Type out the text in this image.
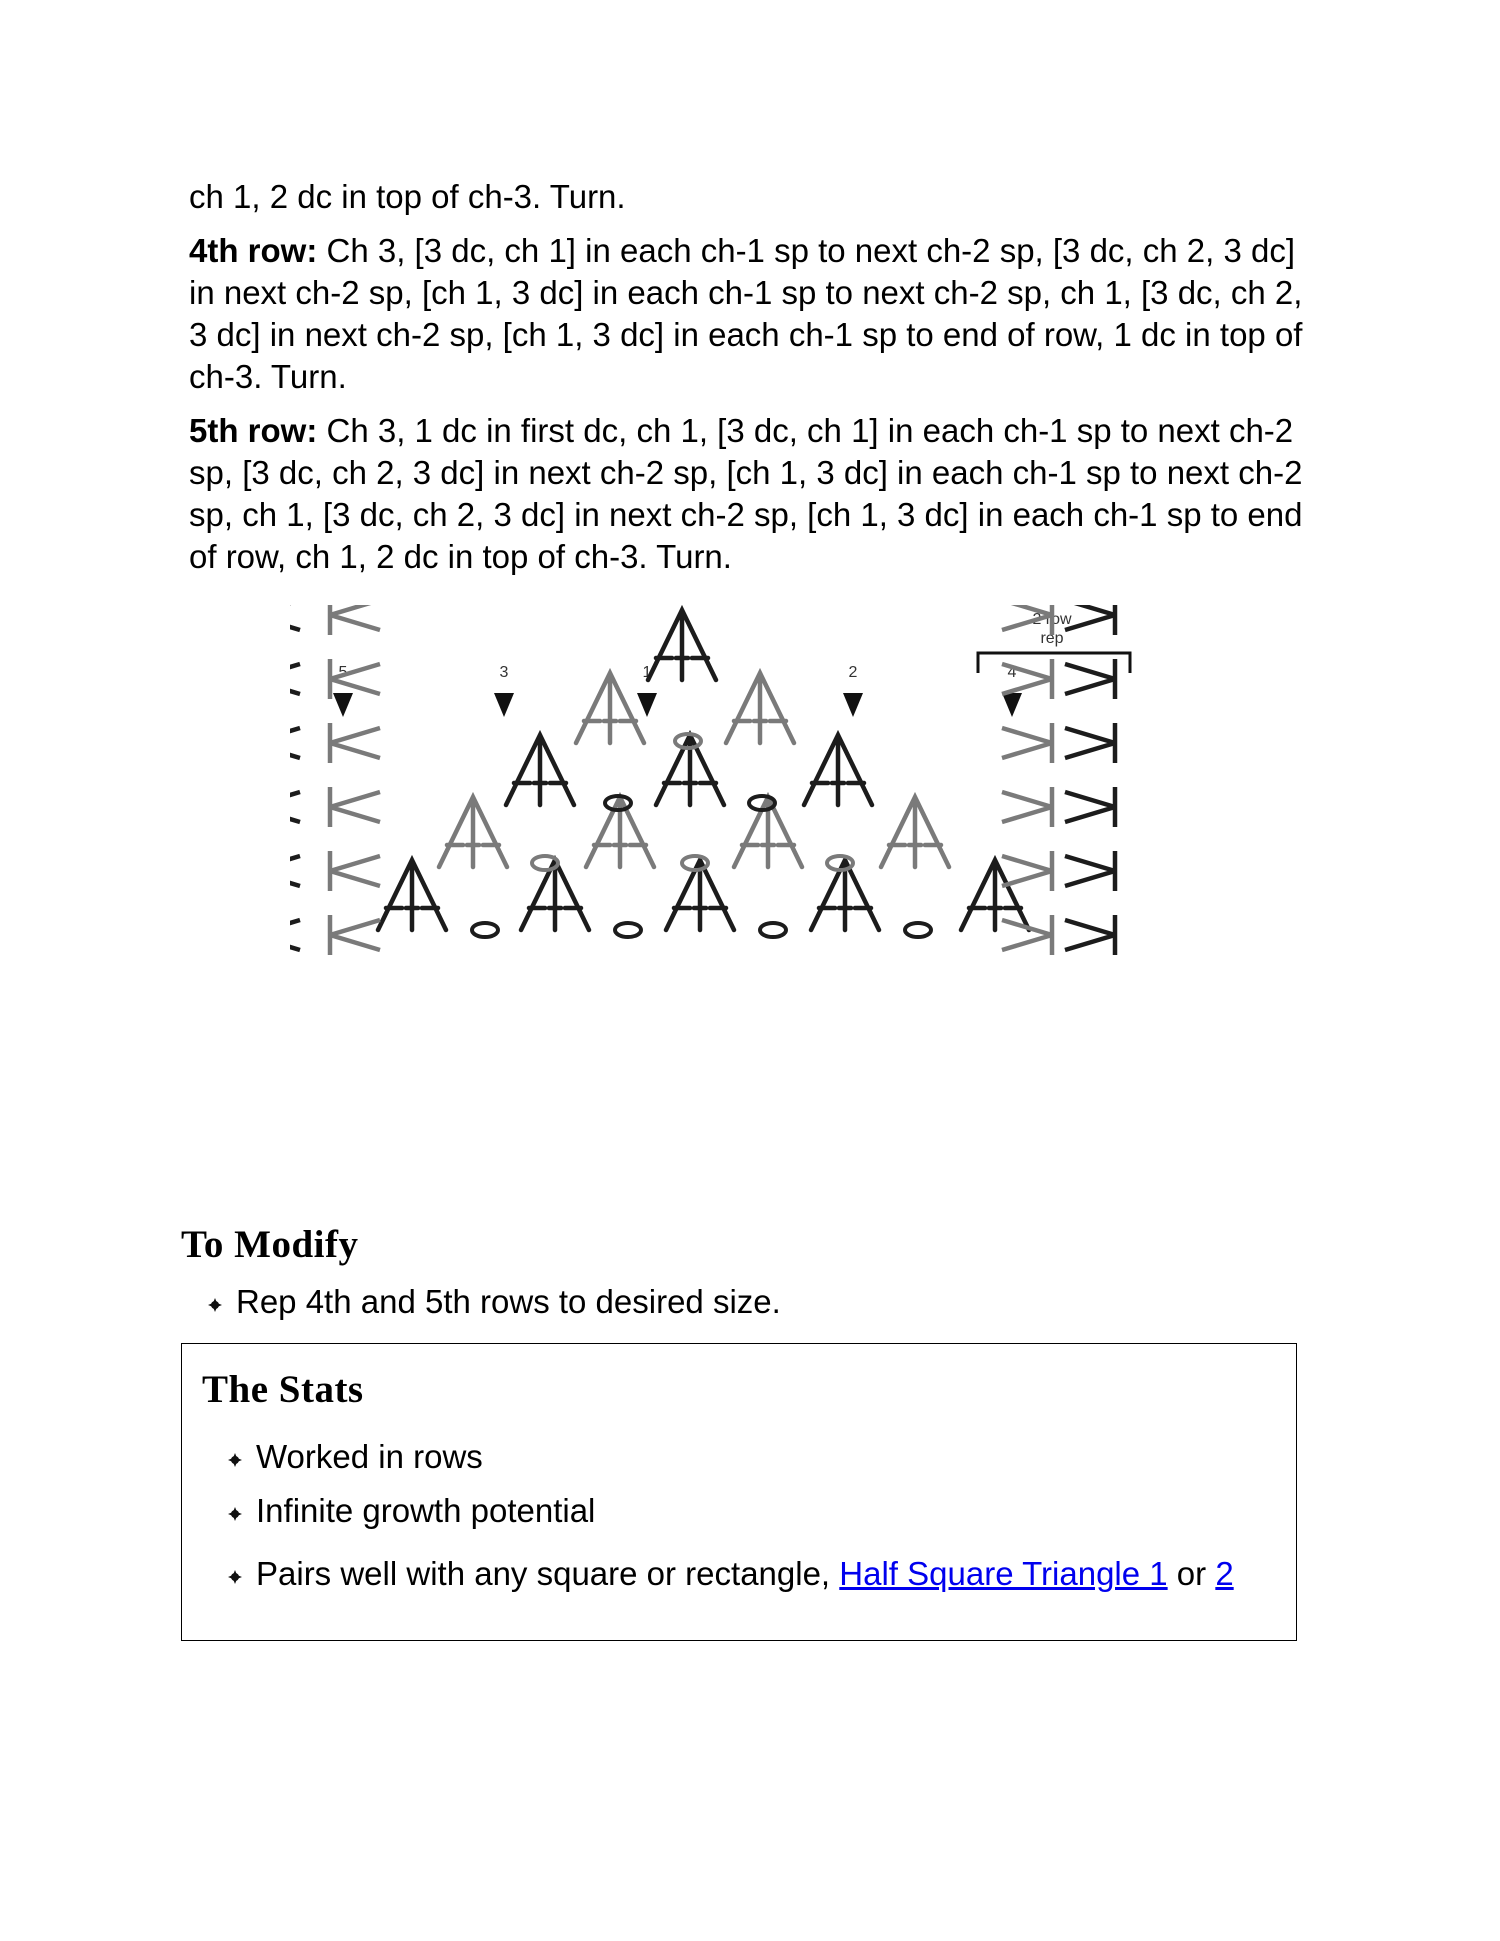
ch 1, 2 dc in top of ch-3. Turn.

4th row: Ch 3, [3 dc, ch 1] in each ch-1 sp to next ch-2 sp, [3 dc, ch 2, 3 dc] in next ch-2 sp, [ch 1, 3 dc] in each ch-1 sp to next ch-2 sp, ch 1, [3 dc, ch 2, 3 dc] in next ch-2 sp, [ch 1, 3 dc] in each ch-1 sp to end of row, 1 dc in top of ch-3. Turn.

5th row: Ch 3, 1 dc in first dc, ch 1, [3 dc, ch 1] in each ch-1 sp to next ch-2 sp, [3 dc, ch 2, 3 dc] in next ch-2 sp, [ch 1, 3 dc] in each ch-1 sp to next ch-2 sp, ch 1, [3 dc, ch 2, 3 dc] in next ch-2 sp, [ch 1, 3 dc] in each ch-1 sp to end of row, ch 1, 2 dc in top of ch-3. Turn.

2 row
rep
5	3	1	2	4
To Modify
Rep 4th and 5th rows to desired size.
The Stats
Worked in rows
Infinite growth potential
Pairs well with any square or rectangle, Half Square Triangle 1 or 2
